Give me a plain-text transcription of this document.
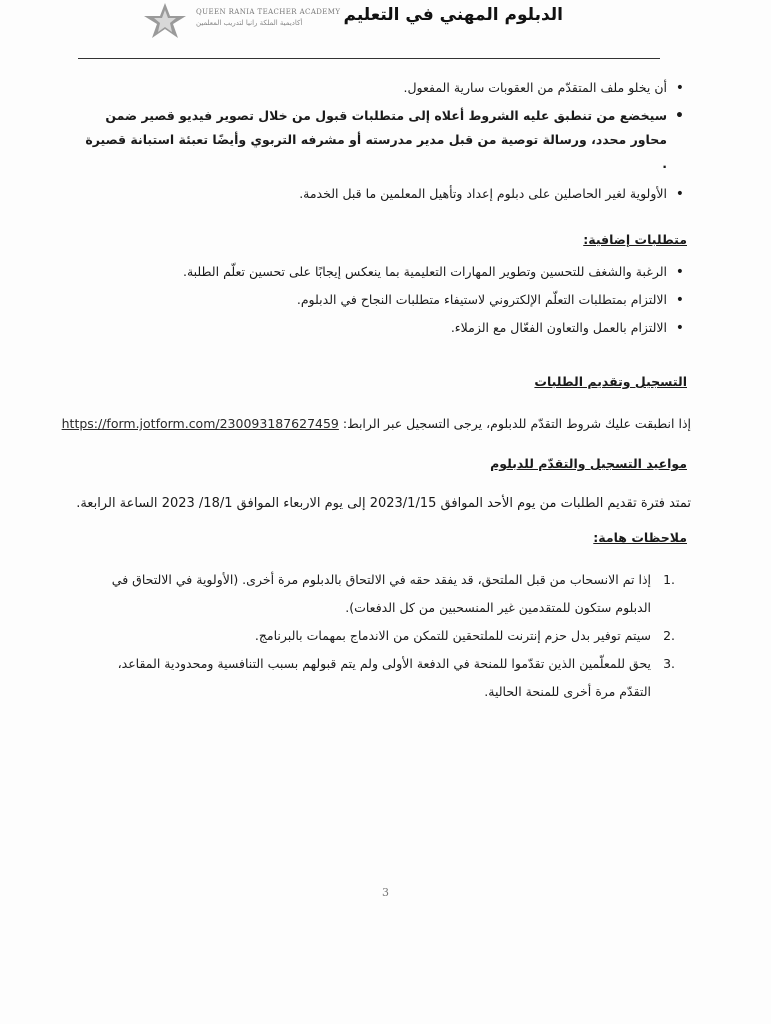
QUEEN RANIA TEACHER ACADEMY
أكاديمية الملكة رانيا لتدريب المعلمين الدبلوم المهني في التعليم

•
أن يخلو ملف المتقدّم من العقوبات سارية المفعول.

•
سيخضع من تنطبق عليه الشروط أعلاه إلى متطلبات قبول من خلال تصوير فيديو قصير ضمن محاور محدد، ورسالة توصية من قبل مدير مدرسته أو مشرفه التربوي وأيضًا تعبئة استبانة قصيرة .

•
الأولوية لغير الحاصلين على دبلوم إعداد وتأهيل المعلمين ما قبل الخدمة.

متطلبات إضافية:

•
الرغبة والشغف للتحسين وتطوير المهارات التعليمية بما ينعكس إيجابًا على تحسين تعلّم الطلبة.

•
الالتزام بمتطلبات التعلّم الإلكتروني لاستيفاء متطلبات النجاح في الدبلوم.

•
الالتزام بالعمل والتعاون الفعّال مع الزملاء.

التسجيل وتقديم الطلبات
إذا انطبقت عليك شروط التقدّم للدبلوم، يرجى التسجيل عبر الرابط: https://form.jotform.com/230093187627459
مواعيد التسجيل والتقدّم للدبلوم
تمتد فترة تقديم الطلبات من يوم الأحد الموافق 2023/1/15 إلى يوم الاربعاء الموافق 18/1/ 2023 الساعة الرابعة.
ملاحظات هامة:

.1
إذا تم الانسحاب من قبل الملتحق، قد يفقد حقه في الالتحاق بالدبلوم مرة أخرى. (الأولوية في الالتحاق في الدبلوم ستكون للمتقدمين غير المنسحبين من كل الدفعات).

.2
سيتم توفير بدل حزم إنترنت للملتحقين للتمكن من الاندماج بمهمات بالبرنامج.

.3
يحق للمعلّمين الذين تقدّموا للمنحة في الدفعة الأولى ولم يتم قبولهم بسبب التنافسية ومحدودية المقاعد، التقدّم مرة أخرى للمنحة الحالية.

3
